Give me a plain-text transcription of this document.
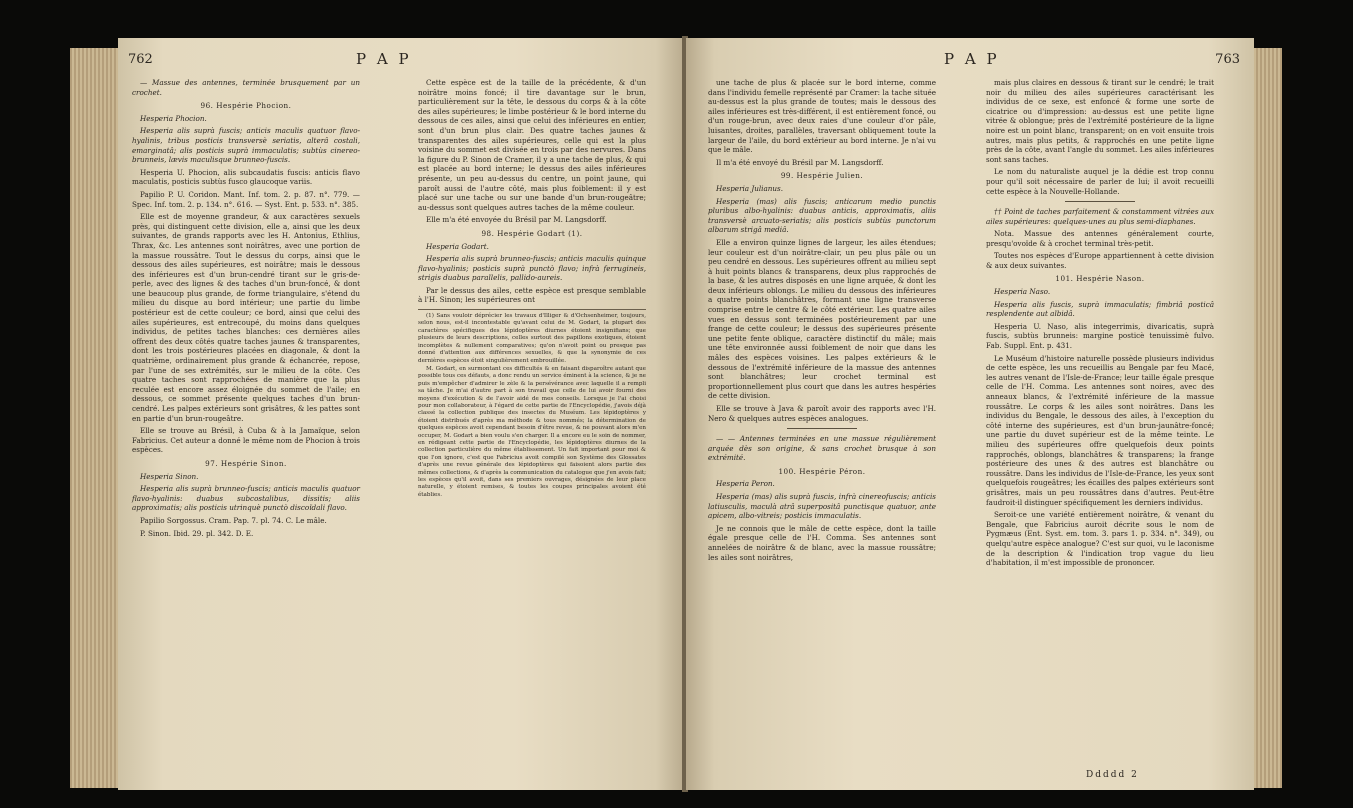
762	P A P

— Massue des antennes, terminée brusquement par un crochet.

96. Hespérie Phocion.

Hesperia Phocion.

Hesperia alis suprà fuscis; anticis maculis quatuor flavo-hyalinis, tribus posticis transversè seriatis, alterâ costali, emarginatâ; alis posticis suprà immaculatis; subtùs cinereo-brunneis, lævis maculisque brunneo-fuscis.

Hesperia U. Phocion, alis subcaudatis fuscis: anticis flavo maculatis, posticis subtùs fusco glaucoque variis.

Papilio P. U. Coridon. Mant. Inf. tom. 2. p. 87. n°. 779. — Spec. Inf. tom. 2. p. 134. n°. 616. — Syst. Ent. p. 533. n°. 385.

Elle est de moyenne grandeur, & aux caractères sexuels près, qui distinguent cette division, elle a, ainsi que les deux suivantes, de grands rapports avec les H. Antonius, Ethlius, Thrax, &c. Les antennes sont noirâtres, avec une portion de la massue roussâtre. Tout le dessus du corps, ainsi que le dessous des ailes supérieures, est noirâtre; mais le dessous des inférieures est d'un brun-cendré tirant sur le gris-de-perle, avec des lignes & des taches d'un brun-foncé, & dont une beaucoup plus grande, de forme triangulaire, s'étend du milieu du disque au bord intérieur; une partie du limbe postérieur est de cette couleur; ce bord, ainsi que celui des ailes supérieures, est entrecoupé, du moins dans quelques individus, de petites taches blanches: ces dernières ailes offrent des deux côtés quatre taches jaunes & transparentes, dont les trois postérieures placées en diagonale, & dont la quatrième, ordinairement plus grande & échancrée, repose, par l'une de ses extrémités, sur le milieu de la côte. Ces quatre taches sont rapprochées de manière que la plus reculée est encore assez éloignée du sommet de l'aile; en dessous, ce sommet présente quelques taches d'un brun-cendré. Les palpes extérieurs sont grisâtres, & les pattes sont en partie d'un brun-rougeâtre.

Elle se trouve au Brésil, à Cuba & à la Jamaïque, selon Fabricius. Cet auteur a donné le même nom de Phocion à trois espèces.

97. Hespérie Sinon.

Hesperia Sinon.

Hesperia alis suprà brunneo-fuscis; anticis maculis quatuor flavo-hyalinis: duabus subcostalibus, dissitis; aliis approximatis; alis posticis utrinquè punctò discoïdali flavo.

Papilio Sorgossus. Cram. Pap. 7. pl. 74. C. Le mâle.

P. Sinon. Ibid. 29. pl. 342. D. E.

Cette espèce est de la taille de la précédente, & d'un noirâtre moins foncé; il tire davantage sur le brun, particulièrement sur la tête, le dessous du corps & à la côte des ailes supérieures; le limbe postérieur & le bord interne du dessous de ces ailes, ainsi que celui des inférieures en entier, sont d'un brun plus clair. Des quatre taches jaunes & transparentes des ailes supérieures, celle qui est la plus voisine du sommet est divisée en trois par des nervures. Dans la figure du P. Sinon de Cramer, il y a une tache de plus, & qui est placée au bord interne; le dessus des ailes inférieures présente, un peu au-dessus du centre, un point jaune, qui paroît aussi de l'autre côté, mais plus foiblement: il y est placé sur une tache ou sur une bande d'un brun-rougeâtre; au-dessus sont quelques autres taches de la même couleur.

Elle m'a été envoyée du Brésil par M. Langsdorff.

98. Hespérie Godart (1).

Hesperia Godart.

Hesperia alis suprà brunneo-fuscis; anticis maculis quinque flavo-hyalinis; posticis suprà punctò flavo; infrà ferrugineis, strigis duabus parallelis, pallido-aureis.

Par le dessus des ailes, cette espèce est presque semblable à l'H. Sinon; les supérieures ont

(1) Sans vouloir déprécier les travaux d'Illiger & d'Ochsenheimer, toujours, selon nous, est-il incontestable qu'avant celui de M. Godart, la plupart des caractères spécifiques des lépidoptères diurnes étoient insignifians; que plusieurs de leurs descriptions, celles surtout des papillons exotiques, étoient incomplètes & nullement comparatives; qu'on n'avoit point ou presque pas donné d'attention aux différences sexuelles, & que la synonymie de ces dernières espèces étoit singulièrement embrouillée.

M. Godart, en surmontant ces difficultés & en faisant disparoître autant que possible tous ces défauts, a donc rendu un service éminent à la science, & je ne puis m'empêcher d'admirer le zèle & la persévérance avec laquelle il a rempli sa tâche. Je m'ai d'autre part à son travail que celle de lui avoir fourni des moyens d'exécution & de l'avoir aidé de mes conseils. Lorsque je l'ai choisi pour mon collaborateur, à l'égard de cette partie de l'Encyclopédie, j'avois déjà classé la collection publique des insectes du Muséum. Les lépidoptères y étoient distribués d'après ma méthode & tous nommés; la détermination de quelques espèces avoit cependant besoin d'être revue, & ne pouvant alors m'en occuper, M. Godart a bien voulu s'en charger. Il a encore eu le soin de nommer, en rédigeant cette partie de l'Encyclopédie, les lépidoptères diurnes de la collection particulière du même établissement. Un fait important pour moi & que l'on ignore, c'est que Fabricius avoit compilé son Système des Glossates d'après une revue générale des lépidoptères qui faisoient alors partie des mêmes collections, & d'après la communication du catalogue que j'en avois fait; les espèces qu'il avoit, dans ses premiers ouvrages, désignées de leur place naturelle, y étoient remises, & toutes les coupes principales avoient été établies.

763
P A P

une tache de plus & placée sur le bord interne, comme dans l'individu femelle représenté par Cramer: la tache située au-dessus est la plus grande de toutes; mais le dessous des ailes inférieures est très-différent, il est entièrement foncé, ou d'un rouge-brun, avec deux raies d'une couleur d'or pâle, luisantes, droites, parallèles, traversant obliquement toute la largeur de l'aile, du bord extérieur au bord interne. Je n'ai vu que le mâle.

Il m'a été envoyé du Brésil par M. Langsdorff.

99. Hespérie Julien.

Hesperia Julianus.

Hesperia (mas) alis fuscis; anticarum medio punctis pluribus albo-hyalinis: duabus anticis, approximatis, aliis transversè arcuato-seriatis; alis posticis subtùs punctorum albarum strigâ mediâ.

Elle a environ quinze lignes de largeur, les ailes étendues; leur couleur est d'un noirâtre-clair, un peu plus pâle ou un peu cendré en dessous. Les supérieures offrent au milieu sept à huit points blancs & transparens, deux plus rapprochés de la base, & les autres disposés en une ligne arquée, & dont les deux inférieurs oblongs. Le milieu du dessous des inférieures a quatre points blanchâtres, formant une ligne transverse comprise entre le centre & le côté extérieur. Les quatre ailes vues en dessus sont terminées postérieurement par une frange de cette couleur; le dessus des supérieures présente une petite fente oblique, caractère distinctif du mâle; mais une tête environnée aussi foiblement de noir que dans les mâles des espèces voisines. Les palpes extérieurs & le dessous de l'extrémité inférieure de la massue des antennes sont blanchâtres; leur crochet terminal est proportionnellement plus court que dans les autres hespéries de cette division.

Elle se trouve à Java & paroît avoir des rapports avec l'H. Nero & quelques autres espèces analogues.

— — Antennes terminées en une massue régulièrement arquée dès son origine, & sans crochet brusque à son extrémité.

100. Hespérie Péron.

Hesperia Peron.

Hesperia (mas) alis suprà fuscis, infrà cinereofuscis; anticis latiusculis, maculà atrâ superpositâ punctisque quatuor, ante apicem, albo-vitreis; posticis immaculatis.

Je ne connois que le mâle de cette espèce, dont la taille égale presque celle de l'H. Comma. Ses antennes sont annelées de noirâtre & de blanc, avec la massue roussâtre; les ailes sont noirâtres,

mais plus claires en dessous & tirant sur le cendré; le trait noir du milieu des ailes supérieures caractérisant les individus de ce sexe, est enfoncé & forme une sorte de cicatrice ou d'impression: au-dessus est une petite ligne vitrée & oblongue; près de l'extrémité postérieure de la ligne noire est un point blanc, transparent; on en voit ensuite trois autres, mais plus petits, & rapprochés en une petite ligne près de la côte, avant l'angle du sommet. Les ailes inférieures sont sans taches.

Le nom du naturaliste auquel je la dédie est trop connu pour qu'il soit nécessaire de parler de lui; il avoit recueilli cette espèce à la Nouvelle-Hollande.

†† Point de taches parfaitement & constamment vitrées aux ailes supérieures: quelques-unes au plus semi-diaphanes.

Nota. Massue des antennes généralement courte, presqu'ovoïde & à crochet terminal très-petit.

Toutes nos espèces d'Europe appartiennent à cette division & aux deux suivantes.

101. Hespérie Nason.

Hesperia Naso.

Hesperia alis fuscis, suprà immaculatis; fimbriâ posticâ resplendente aut albidâ.

Hesperia U. Naso, alis integerrimis, divaricatis, suprà fuscis, subtùs brunneis: margine posticè tenuissimè fulvo. Fab. Suppl. Ent. p. 431.

Le Muséum d'histoire naturelle possède plusieurs individus de cette espèce, les uns recueillis au Bengale par feu Macé, les autres venant de l'Isle-de-France; leur taille égale presque celle de l'H. Comma. Les antennes sont noires, avec des anneaux blancs, & l'extrémité inférieure de la massue roussâtre. Le corps & les ailes sont noirâtres. Dans les individus du Bengale, le dessous des ailes, à l'exception du côté interne des supérieures, est d'un brun-jaunâtre-foncé; une partie du duvet supérieur est de la même teinte. Le milieu des supérieures offre quelquefois deux points rapprochés, oblongs, blanchâtres & transparens; la frange postérieure des unes & des autres est blanchâtre ou roussâtre. Dans les individus de l'Isle-de-France, les yeux sont quelquefois rougeâtres; les écailles des palpes extérieurs sont grisâtres, mais un peu roussâtres dans d'autres. Peut-être faudroit-il distinguer spécifiquement les derniers individus.

Seroit-ce une variété entièrement noirâtre, & venant du Bengale, que Fabricius auroit décrite sous le nom de Pygmæus (Ent. Syst. em. tom. 3. pars 1. p. 334. n°. 349), ou quelqu'autre espèce analogue? C'est sur quoi, vu le laconisme de la description & l'indication trop vague du lieu d'habitation, il m'est impossible de prononcer.

Ddddd 2
